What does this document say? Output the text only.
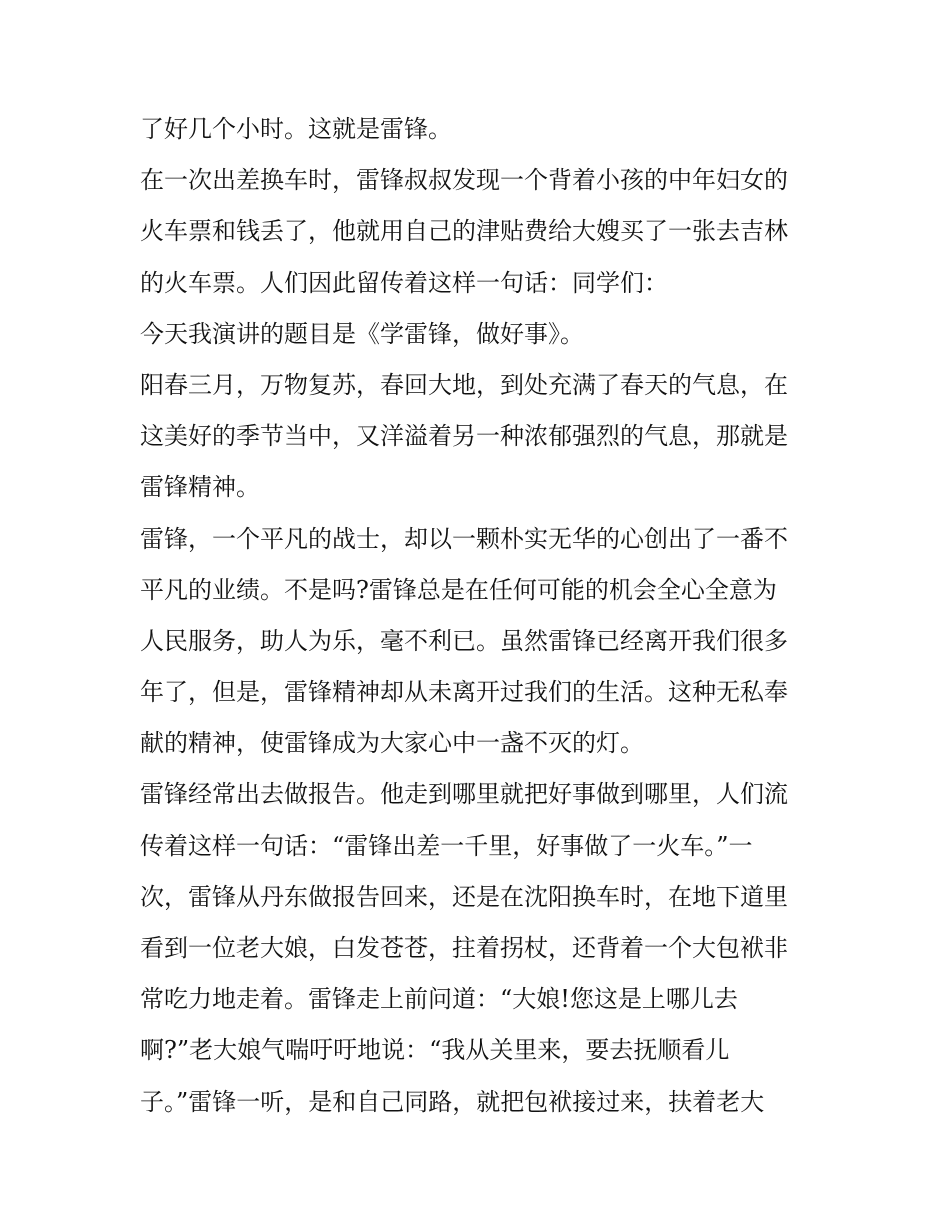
了好几个小时。这就是雷锋。
在一次出差换车时，雷锋叔叔发现一个背着小孩的中年妇女的
火车票和钱丢了，他就用自己的津贴费给大嫂买了一张去吉林
的火车票。人们因此留传着这样一句话：同学们：
今天我演讲的题目是《学雷锋，做好事》。
阳春三月，万物复苏，春回大地，到处充满了春天的气息，在
这美好的季节当中，又洋溢着另一种浓郁强烈的气息，那就是
雷锋精神。
雷锋，一个平凡的战士，却以一颗朴实无华的心创出了一番不
平凡的业绩。不是吗?雷锋总是在任何可能的机会全心全意为
人民服务，助人为乐，毫不利已。虽然雷锋已经离开我们很多
年了，但是，雷锋精神却从未离开过我们的生活。这种无私奉
献的精神，使雷锋成为大家心中一盏不灭的灯。
雷锋经常出去做报告。他走到哪里就把好事做到哪里，人们流
传着这样一句话：“雷锋出差一千里，好事做了一火车。”一
次，雷锋从丹东做报告回来，还是在沈阳换车时，在地下道里
看到一位老大娘，白发苍苍，拄着拐杖，还背着一个大包袱非
常吃力地走着。雷锋走上前问道：“大娘!您这是上哪儿去
啊?”老大娘气喘吁吁地说：“我从关里来，要去抚顺看儿
子。”雷锋一听，是和自己同路，就把包袱接过来，扶着老大
